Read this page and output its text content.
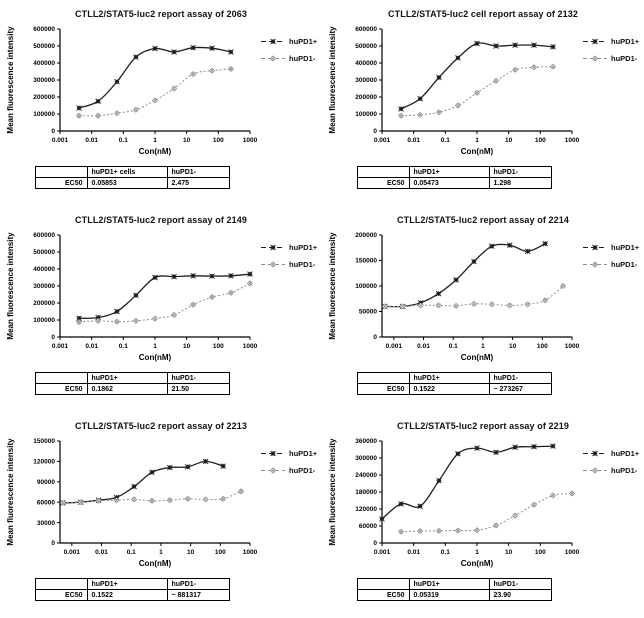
CTLL2/STAT5-luc2 report assay of 2063
0
100000
200000
300000
400000
500000
600000
0.001	0.01	0.1	1	10	100	1000
Con(nM)
Mean fluorescence intensity	huPD1+
huPD1-
	huPD1+ cells	huPD1-
EC50	0.05853	2.475
CTLL2/STAT5-luc2 cell report assay of 2132
0
100000
200000
300000
400000
500000
600000
0.001	0.01	0.1	1	10	100	1000
Con(nM)
Mean fluorescence intensity	huPD1+
huPD1-
	huPD1+	huPD1-
EC50	0.05473	1.298
CTLL2/STAT5-luc2 report assay of 2149
0
100000
200000
300000
400000
500000
600000
0.001	0.01	0.1	1	10	100	1000
Con(nM)
Mean fluorescence intensity	huPD1+
huPD1-
	huPD1+	huPD1-
EC50	0.1862	21.50
CTLL2/STAT5-luc2 report assay of 2214
0
50000
100000
150000
200000
0.001 0.01	0.1	1	10	100	1000
Con(nM)
Mean fluorescence intensity	huPD1+
huPD1-
	huPD1+	huPD1-
EC50	0.1522	~ 273267
CTLL2/STAT5-luc2 report assay of 2213
0
30000
60000
90000
120000
150000
0.001 0.01	0.1	1	10	100	1000
Con(nM)
Mean fluorescence intensity	huPD1+
huPD1-
	huPD1+	huPD1-
EC50	0.1522	~ 881317
CTLL2/STAT5-luc2 report assay of 2219
0
60000
120000
180000
240000
300000
360000
0.001	0.01	0.1	1	10	100	1000
Con(nM)
Mean fluorescence intensity	huPD1+
huPD1-
	huPD1+	huPD1-
EC50	0.05319	23.90
